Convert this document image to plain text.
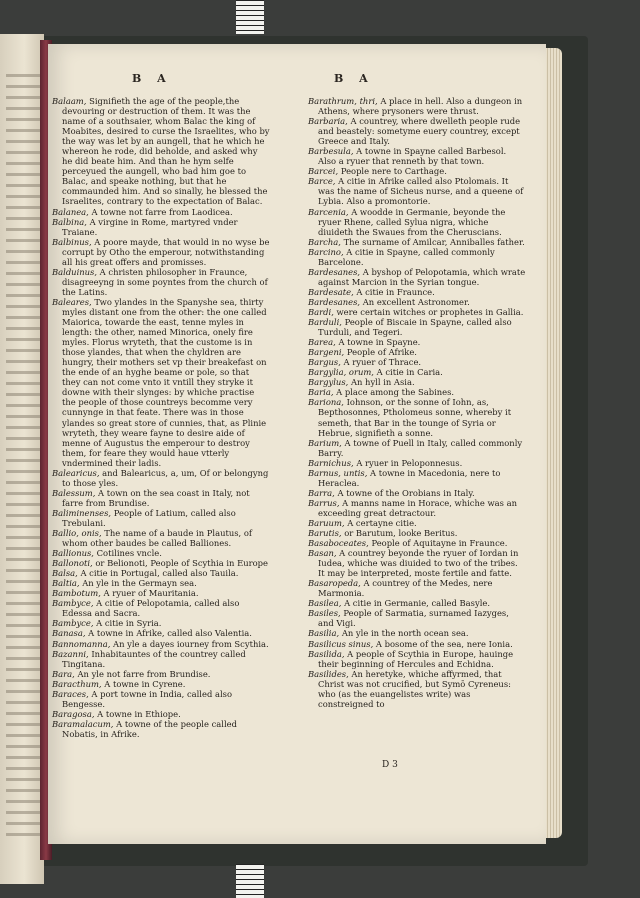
B A	B A

Balaam, Signifieth the age of the people,the devouring or destruction of them. It was the name of a southsaier, whom Balac the king of Moabites, desired to curse the Israelites, who by the way was let by an aungell, that he which he whereon he rode, did beholde, and asked why he did beate him. And than he hym selfe perceyued the aungell, who bad him goe to Balac, and speake nothing, but that he commaunded him. And so sinally, he blessed the Israelites, contrary to the expectation of Balac.

Balanea, A towne not farre from Laodicea.

Balbina, A virgine in Rome, martyred vnder Traiane.

Balbinus, A poore mayde, that would in no wyse be corrupt by Otho the emperour, notwithstanding all his great offers and promisses.

Balduinus, A christen philosopher in Fraunce, disagreeyng in some poyntes from the church of the Latins.

Baleares, Two ylandes in the Spanyshe sea, thirty myles distant one from the other: the one called Maiorica, towarde the east, tenne myles in length: the other, named Minorica, onely fire myles. Florus wryteth, that the custome is in those ylandes, that when the chyldren are hungry, their mothers set vp their breakefast on the ende of an hyghe beame or pole, so that they can not come vnto it vntill they stryke it downe with their slynges: by whiche practise the people of those countreys becomme very cunnynge in that feate. There was in those ylandes so great store of cunnies, that, as Plinie wryteth, they weare fayne to desire aide of menne of Augustus the emperour to destroy them, for feare they would haue vtterly vndermined their ladis.

Balearicus, and Balearicus, a, um, Of or belongyng to those yles.

Balessum, A town on the sea coast in Italy, not farre from Brundise.

Baliminenses, People of Latium, called also Trebulani.

Ballio, onis, The name of a baude in Plautus, of whom other baudes be called Balliones.

Ballionus, Cotilines vncle.

Ballonoti, or Belionoti, People of Scythia in Europe

Balsa, A citie in Portugal, called also Tauila.

Baltia, An yle in the Germayn sea.

Bambotum, A ryuer of Mauritania.

Bambyce, A citie of Pelopotamia, called also Edessa and Sacra.

Bambyce, A citie in Syria.

Banasa, A towne in Afrike, called also Valentia.

Bannomanna, An yle a dayes iourney from Scythia.

Bazanni, Inhabitauntes of the countrey called Tingitana.

Bara, An yle not farre from Brundise.

Baracthum, A towne in Cyrene.

Baraces, A port towne in India, called also Bengesse.

Baragosa, A towne in Ethiope.

Baramalacum, A towne of the people called Nobatis, in Afrike.

Barathrum, thri, A place in hell. Also a dungeon in Athens, where prysoners were thrust.

Barbaria, A countrey, where dwelleth people rude and beastely: sometyme euery countrey, except Greece and Italy.

Barbesula, A towne in Spayne called Barbesol. Also a ryuer that renneth by that town.

Barcei, People nere to Carthage.

Barce, A citie in Afrike called also Ptolomais. It was the name of Sicheus nurse, and a queene of Lybia. Also a promontorie.

Barcenia, A woodde in Germanie, beyonde the ryuer Rhene, called Sylua nigra, whiche diuideth the Swaues from the Cheruscians.

Barcha, The surname of Amilcar, Anniballes father.

Barcino, A citie in Spayne, called commonly Barcelone.

Bardesanes, A byshop of Pelopotamia, which wrate against Marcion in the Syrian tongue.

Bardesate, A citie in Fraunce.

Bardesanes, An excellent Astronomer.

Bardi, were certain witches or prophetes in Gallia.

Barduli, People of Biscaie in Spayne, called also Turduli, and Tegeri.

Barea, A towne in Spayne.

Bargeni, People of Afrike.

Bargus, A ryuer of Thrace.

Bargylia, orum, A citie in Caria.

Bargylus, An hyll in Asia.

Baria, A place among the Sabines.

Bariona, Iohnson, or the sonne of Iohn, as, Bepthosonnes, Ptholomeus sonne, whereby it semeth, that Bar in the tounge of Syria or Hebrue, signifieth a sonne.

Barium, A towne of Puell in Italy, called commonly Barry.

Barnichus, A ryuer in Peloponnesus.

Barnus, untis, A towne in Macedonia, nere to Heraclea.

Barra, A towne of the Orobians in Italy.

Barrus, A manns name in Horace, whiche was an exceeding great detractour.

Baruum, A certayne citie.

Barutis, or Barutum, looke Beritus.

Basaboceates, People of Aquitayne in Fraunce.

Basan, A countrey beyonde the ryuer of Iordan in Iudea, whiche was diuided to two of the tribes. It may be interpreted, moste fertile and fatte.

Basaropeda, A countrey of the Medes, nere Marmonia.

Basilea, A citie in Germanie, called Basyle.

Basiles, People of Sarmatia, surnamed Iazyges, and Vigi.

Basilia, An yle in the north ocean sea.

Basilicus sinus, A bosome of the sea, nere Ionia.

Basilida, A people of Scythia in Europe, hauinge their beginning of Hercules and Echidna.

Basilides, An heretyke, whiche affyrmed, that Christ was not crucified, but Symō Cyreneus: who (as the euangelistes write) was constreigned to

D 3
